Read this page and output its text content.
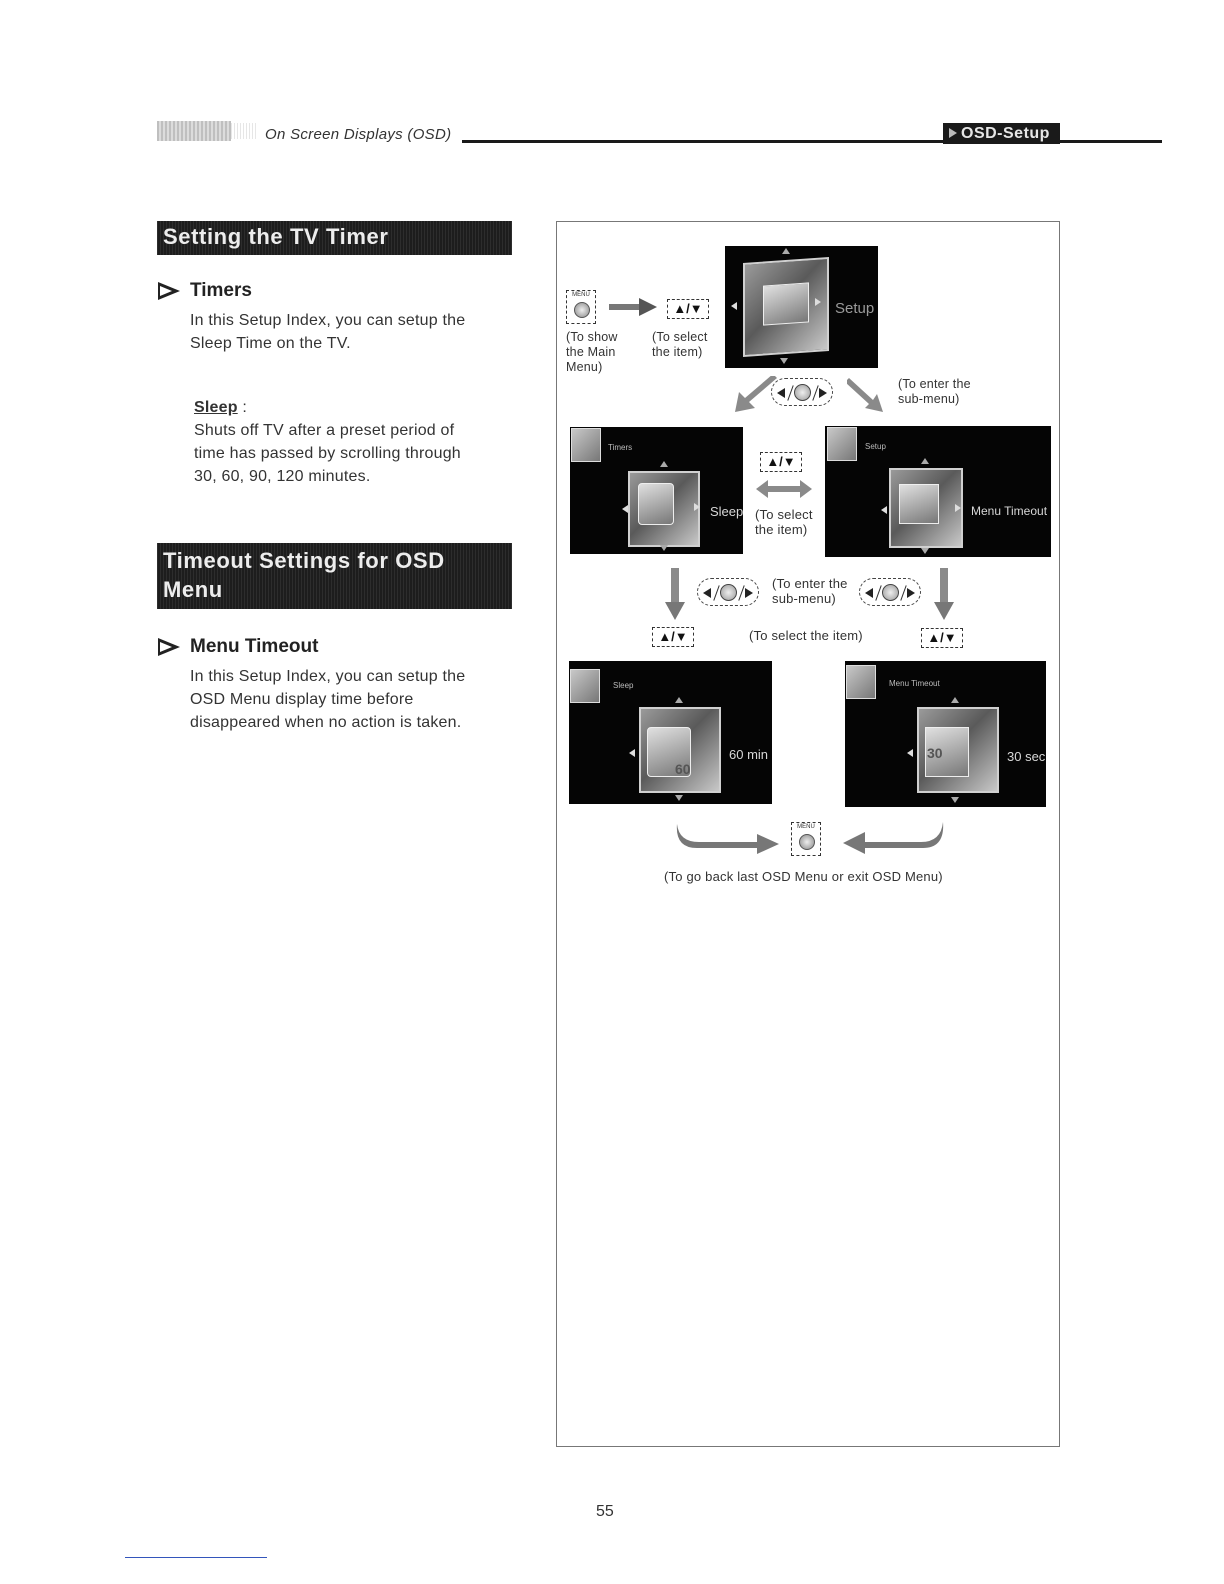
On Screen Displays (OSD)	OSD-Setup
Setting the TV Timer
Timers
In this Setup Index, you can setup the
Sleep Time on the TV.
Sleep :
Shuts off TV after a preset period of
time has passed by scrolling through
30, 60, 90, 120 minutes.
Timeout Settings for OSD
Menu
Menu Timeout
In this Setup Index, you can setup the
OSD Menu display time before
disappeared when no action is taken.
MENU
▲/▼
(To show
the Main
Menu)
(To select
the item)
Setup
(To enter the
sub-menu)
Timers
Sleep
▲/▼
(To select
the item)
Setup
Menu Timeout
(To enter the
sub-menu)
▲/▼	(To select the item)	▲/▼
Sleep
60
60 min
Menu Timeout
30	30 sec
MENU
(To go back last OSD Menu or exit OSD Menu)
55
